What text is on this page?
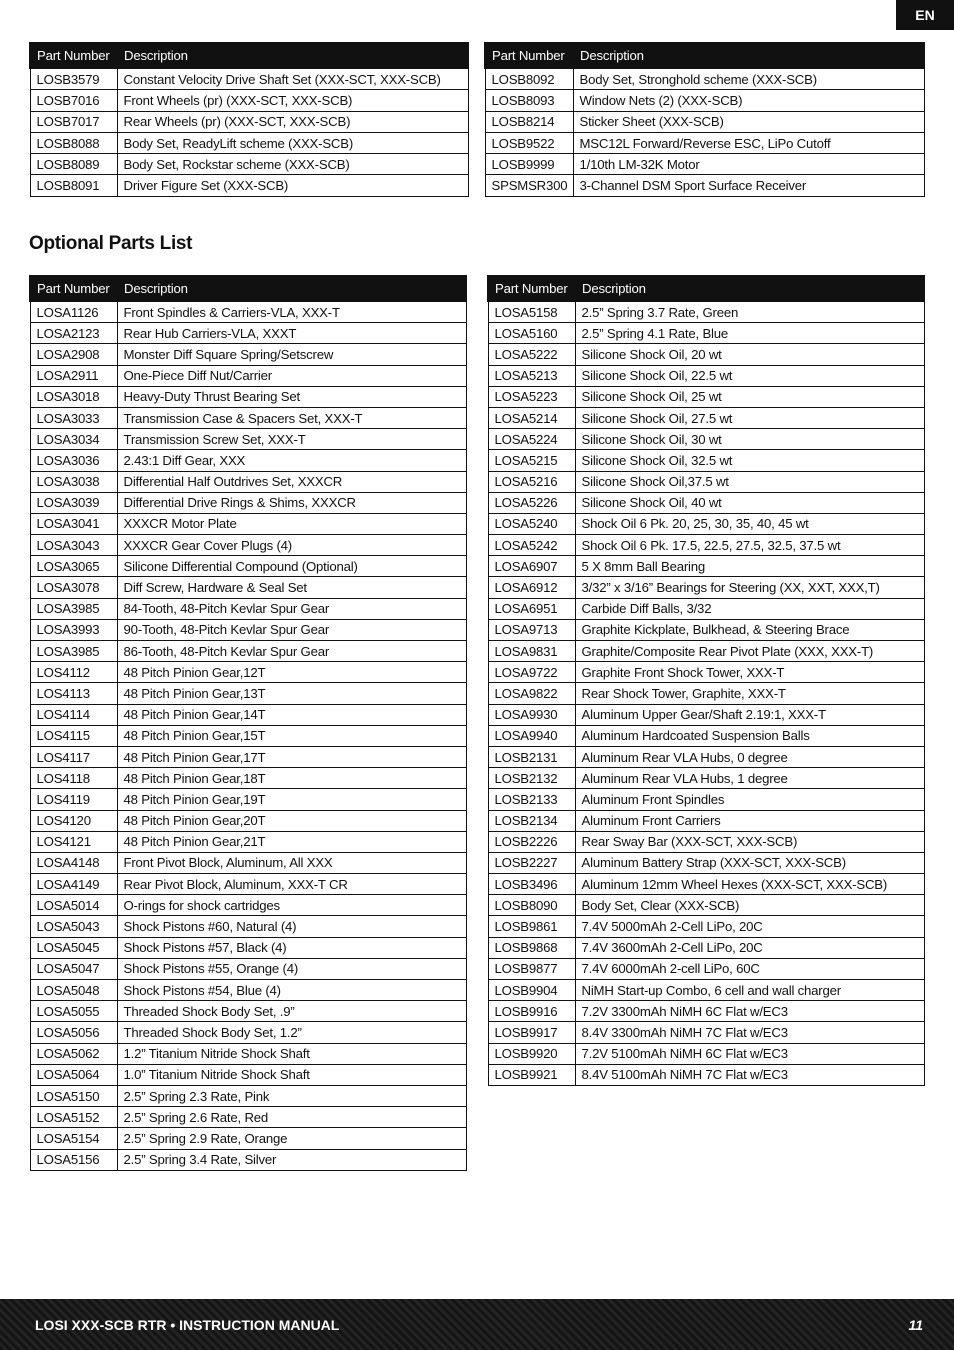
EN
Part Number	Description
LOSB3579	Constant Velocity Drive Shaft Set (XXX-SCT, XXX-SCB)
LOSB7016	Front Wheels (pr) (XXX-SCT, XXX-SCB)
LOSB7017	Rear Wheels (pr) (XXX-SCT, XXX-SCB)
LOSB8088	Body Set, ReadyLift scheme (XXX-SCB)
LOSB8089	Body Set, Rockstar scheme (XXX-SCB)
LOSB8091	Driver Figure Set (XXX-SCB)
Part Number	Description
LOSB8092	Body Set, Stronghold scheme (XXX-SCB)
LOSB8093	Window Nets (2) (XXX-SCB)
LOSB8214	Sticker Sheet (XXX-SCB)
LOSB9522	MSC12L Forward/Reverse ESC, LiPo Cutoff
LOSB9999	1/10th LM-32K Motor
SPSMSR300	3-Channel DSM Sport Surface Receiver
Optional Parts List
Part Number	Description
LOSA1126	Front Spindles & Carriers-VLA, XXX-T
LOSA2123	Rear Hub Carriers-VLA, XXXT
LOSA2908	Monster Diff Square Spring/Setscrew
LOSA2911	One-Piece Diff Nut/Carrier
LOSA3018	Heavy-Duty Thrust Bearing Set
LOSA3033	Transmission Case & Spacers Set, XXX-T
LOSA3034	Transmission Screw Set, XXX-T
LOSA3036	2.43:1 Diff Gear, XXX
LOSA3038	Differential Half Outdrives Set, XXXCR
LOSA3039	Differential Drive Rings & Shims, XXXCR
LOSA3041	XXXCR Motor Plate
LOSA3043	XXXCR Gear Cover Plugs (4)
LOSA3065	Silicone Differential Compound (Optional)
LOSA3078	Diff Screw, Hardware & Seal Set
LOSA3985	84-Tooth, 48-Pitch Kevlar Spur Gear
LOSA3993	90-Tooth, 48-Pitch Kevlar Spur Gear
LOSA3985	86-Tooth, 48-Pitch Kevlar Spur Gear
LOS4112	48 Pitch Pinion Gear,12T
LOS4113	48 Pitch Pinion Gear,13T
LOS4114	48 Pitch Pinion Gear,14T
LOS4115	48 Pitch Pinion Gear,15T
LOS4117	48 Pitch Pinion Gear,17T
LOS4118	48 Pitch Pinion Gear,18T
LOS4119	48 Pitch Pinion Gear,19T
LOS4120	48 Pitch Pinion Gear,20T
LOS4121	48 Pitch Pinion Gear,21T
LOSA4148	Front Pivot Block, Aluminum, All XXX
LOSA4149	Rear Pivot Block, Aluminum, XXX-T CR
LOSA5014	O-rings for shock cartridges
LOSA5043	Shock Pistons #60, Natural (4)
LOSA5045	Shock Pistons #57, Black (4)
LOSA5047	Shock Pistons #55, Orange (4)
LOSA5048	Shock Pistons #54, Blue (4)
LOSA5055	Threaded Shock Body Set, .9”
LOSA5056	Threaded Shock Body Set, 1.2”
LOSA5062	1.2” Titanium Nitride Shock Shaft
LOSA5064	1.0” Titanium Nitride Shock Shaft
LOSA5150	2.5” Spring 2.3 Rate, Pink
LOSA5152	2.5” Spring 2.6 Rate, Red
LOSA5154	2.5” Spring 2.9 Rate, Orange
LOSA5156	2.5” Spring 3.4 Rate, Silver
Part Number	Description
LOSA5158	2.5” Spring 3.7 Rate, Green
LOSA5160	2.5” Spring 4.1 Rate, Blue
LOSA5222	Silicone Shock Oil, 20 wt
LOSA5213	Silicone Shock Oil, 22.5 wt
LOSA5223	Silicone Shock Oil, 25 wt
LOSA5214	Silicone Shock Oil, 27.5 wt
LOSA5224	Silicone Shock Oil, 30 wt
LOSA5215	Silicone Shock Oil, 32.5 wt
LOSA5216	Silicone Shock Oil,37.5 wt
LOSA5226	Silicone Shock Oil, 40 wt
LOSA5240	Shock Oil 6 Pk. 20, 25, 30, 35, 40, 45 wt
LOSA5242	Shock Oil 6 Pk. 17.5, 22.5, 27.5, 32.5, 37.5 wt
LOSA6907	5 X 8mm Ball Bearing
LOSA6912	3/32” x 3/16” Bearings for Steering (XX, XXT, XXX,T)
LOSA6951	Carbide Diff Balls, 3/32
LOSA9713	Graphite Kickplate, Bulkhead, & Steering Brace
LOSA9831	Graphite/Composite Rear Pivot Plate (XXX, XXX-T)
LOSA9722	Graphite Front Shock Tower, XXX-T
LOSA9822	Rear Shock Tower, Graphite, XXX-T
LOSA9930	Aluminum Upper Gear/Shaft 2.19:1, XXX-T
LOSA9940	Aluminum Hardcoated Suspension Balls
LOSB2131	Aluminum Rear VLA Hubs, 0 degree
LOSB2132	Aluminum Rear VLA Hubs, 1 degree
LOSB2133	Aluminum Front Spindles
LOSB2134	Aluminum Front Carriers
LOSB2226	Rear Sway Bar (XXX-SCT, XXX-SCB)
LOSB2227	Aluminum Battery Strap (XXX-SCT, XXX-SCB)
LOSB3496	Aluminum 12mm Wheel Hexes (XXX-SCT, XXX-SCB)
LOSB8090	Body Set, Clear (XXX-SCB)
LOSB9861	7.4V 5000mAh 2-Cell LiPo, 20C
LOSB9868	7.4V 3600mAh 2-Cell LiPo, 20C
LOSB9877	7.4V 6000mAh 2-cell LiPo, 60C
LOSB9904	NiMH Start-up Combo, 6 cell and wall charger
LOSB9916	7.2V 3300mAh NiMH 6C Flat w/EC3
LOSB9917	8.4V 3300mAh NiMH 7C Flat w/EC3
LOSB9920	7.2V 5100mAh NiMH 6C Flat w/EC3
LOSB9921	8.4V 5100mAh NiMH 7C Flat w/EC3
LOSI XXX-SCB RTR • INSTRUCTION MANUAL	11
